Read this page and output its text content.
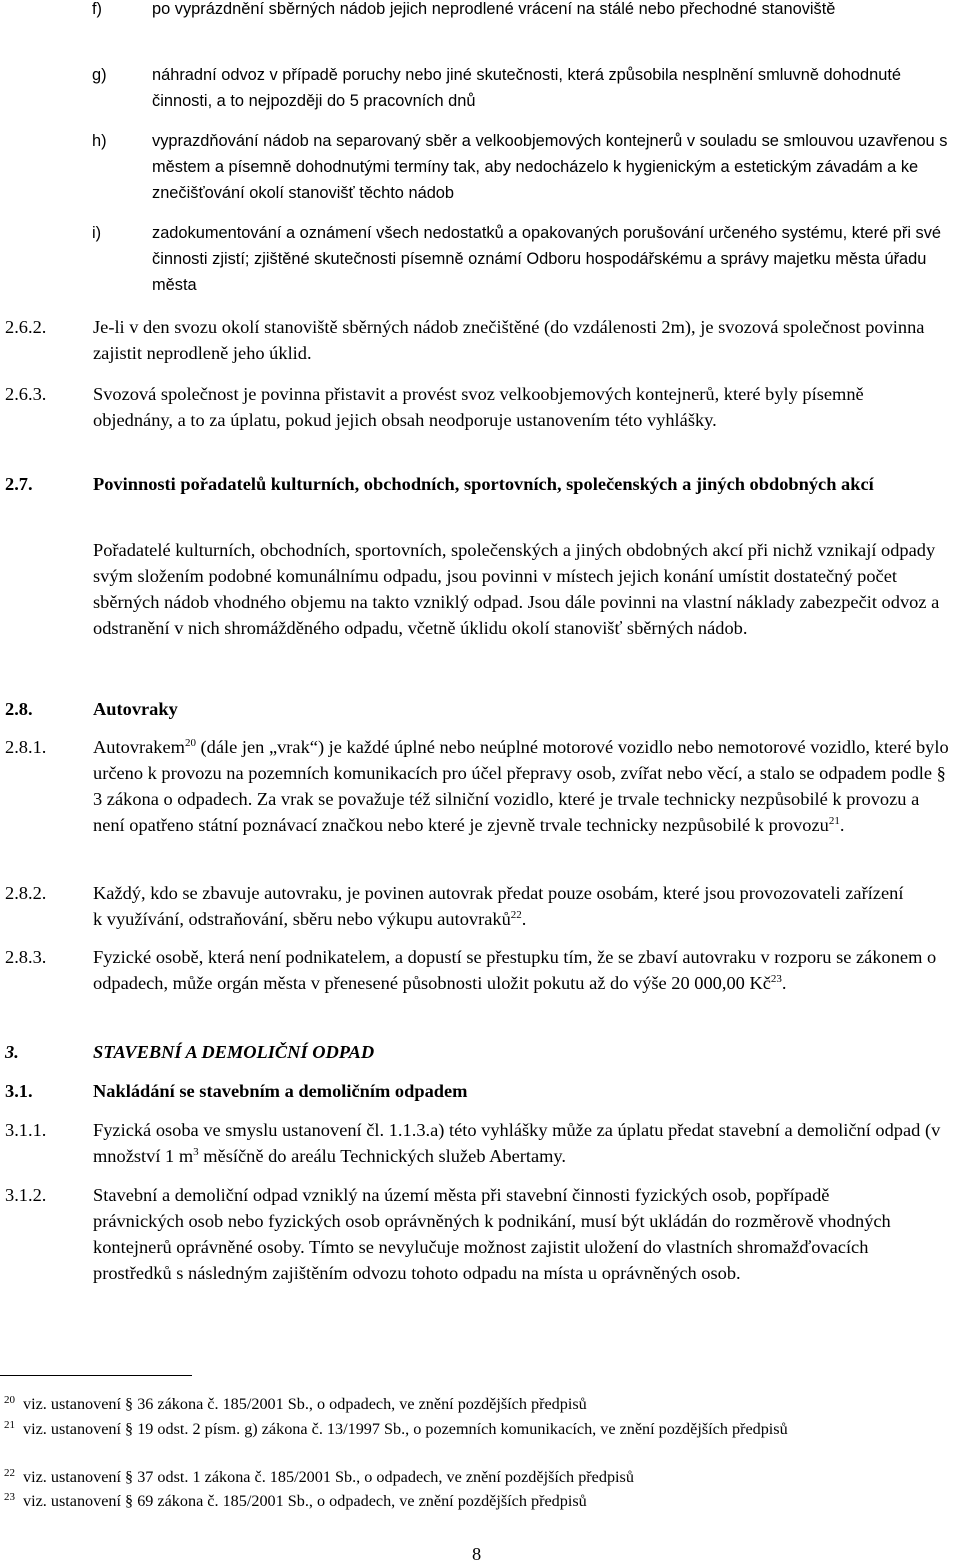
f)	po vyprázdnění sběrných nádob jejich neprodlené vrácení na stálé nebo přechodné stanoviště

g)	náhradní odvoz v případě poruchy nebo jiné skutečnosti, která způsobila nesplnění smluvně dohodnuté činnosti, a to nejpozději do 5 pracovních dnů

h)	vyprazdňování nádob na separovaný sběr a velkoobjemových kontejnerů v souladu se smlouvou uzavřenou s městem a písemně dohodnutými termíny tak, aby nedocházelo k hygienickým a estetickým závadám a ke znečišťování okolí stanovišť těchto nádob

i)	zadokumentování a oznámení všech nedostatků a opakovaných porušování určeného systému, které při své činnosti zjistí; zjištěné skutečnosti písemně oznámí Odboru hospodářskému a správy majetku města úřadu města

2.6.2.	Je-li v den svozu okolí stanoviště sběrných nádob znečištěné (do vzdálenosti 2m), je svozová společnost povinna zajistit neprodleně jeho úklid.

2.6.3.	Svozová společnost je povinna přistavit a provést svoz velkoobjemových kontejnerů, které byly písemně objednány, a to za úplatu, pokud jejich obsah neodporuje ustanovením této vyhlášky.

2.7.	Povinnosti pořadatelů kulturních, obchodních, sportovních, společenských a jiných obdobných akcí

Pořadatelé kulturních, obchodních, sportovních, společenských a jiných obdobných akcí při nichž vznikají odpady svým složením podobné komunálnímu odpadu, jsou povinni v místech jejich konání umístit dostatečný počet sběrných nádob vhodného objemu na takto vzniklý odpad. Jsou dále povinni na vlastní náklady zabezpečit odvoz a odstranění v nich shromážděného odpadu, včetně úklidu okolí stanovišť sběrných nádob.

2.8.	Autovraky
2.8.1.	Autovrakem$^{20}$ (dále jen „vrak“) je každé úplné nebo neúplné motorové vozidlo nebo nemotorové vozidlo, které bylo určeno k provozu na pozemních komunikacích pro účel přepravy osob, zvířat nebo věcí, a stalo se odpadem podle § 3 zákona o odpadech. Za vrak se považuje též silniční vozidlo, které je trvale technicky nezpůsobilé k provozu a není opatřeno státní poznávací značkou nebo které je zjevně trvale technicky nezpůsobilé k provozu$^{21}$.

2.8.2.	Každý, kdo se zbavuje autovraku, je povinen autovrak předat pouze osobám, které jsou provozovateli zařízení k využívání, odstraňování, sběru nebo výkupu autovraků$^{22}$.

2.8.3.	Fyzické osobě, která není podnikatelem, a dopustí se přestupku tím, že se zbaví autovraku v rozporu se zákonem o odpadech, může orgán města v přenesené působnosti uložit pokutu až do výše 20 000,00 $Kč^{23}$.

3.	STAVEBNÍ A DEMOLIČNÍ ODPAD
3.1.	Nakládání se stavebním a demoličním odpadem
3.1.1.	Fyzická osoba ve smyslu ustanovení čl. 1.1.3.a) této vyhlášky může za úplatu předat stavební a demoliční odpad (v množství 1 $m^3$ měsíčně do areálu Technických služeb Abertamy.

3.1.2.	Stavební a demoliční odpad vzniklý na území města při stavební činnosti fyzických osob, popřípadě právnických osob nebo fyzických osob oprávněných k podnikání, musí být ukládán do rozměrově vhodných kontejnerů oprávněné osoby. Tímto se nevylučuje možnost zajistit uložení do vlastních shromažďovacích prostředků s následným zajištěním odvozu tohoto odpadu na místa u oprávněných osob.

$^{20}$ viz. ustanovení § 36 zákona č. 185/2001 Sb., o odpadech, ve znění pozdějších předpisů

$^{21}$ viz. ustanovení § 19 odst. 2 písm. g) zákona č. 13/1997 Sb., o pozemních komunikacích, ve znění pozdějších předpisů

$^{22}$ viz. ustanovení § 37 odst. 1 zákona č. 185/2001 Sb., o odpadech, ve znění pozdějších předpisů

$^{23}$ viz. ustanovení § 69 zákona č. 185/2001 Sb., o odpadech, ve znění pozdějších předpisů

8
